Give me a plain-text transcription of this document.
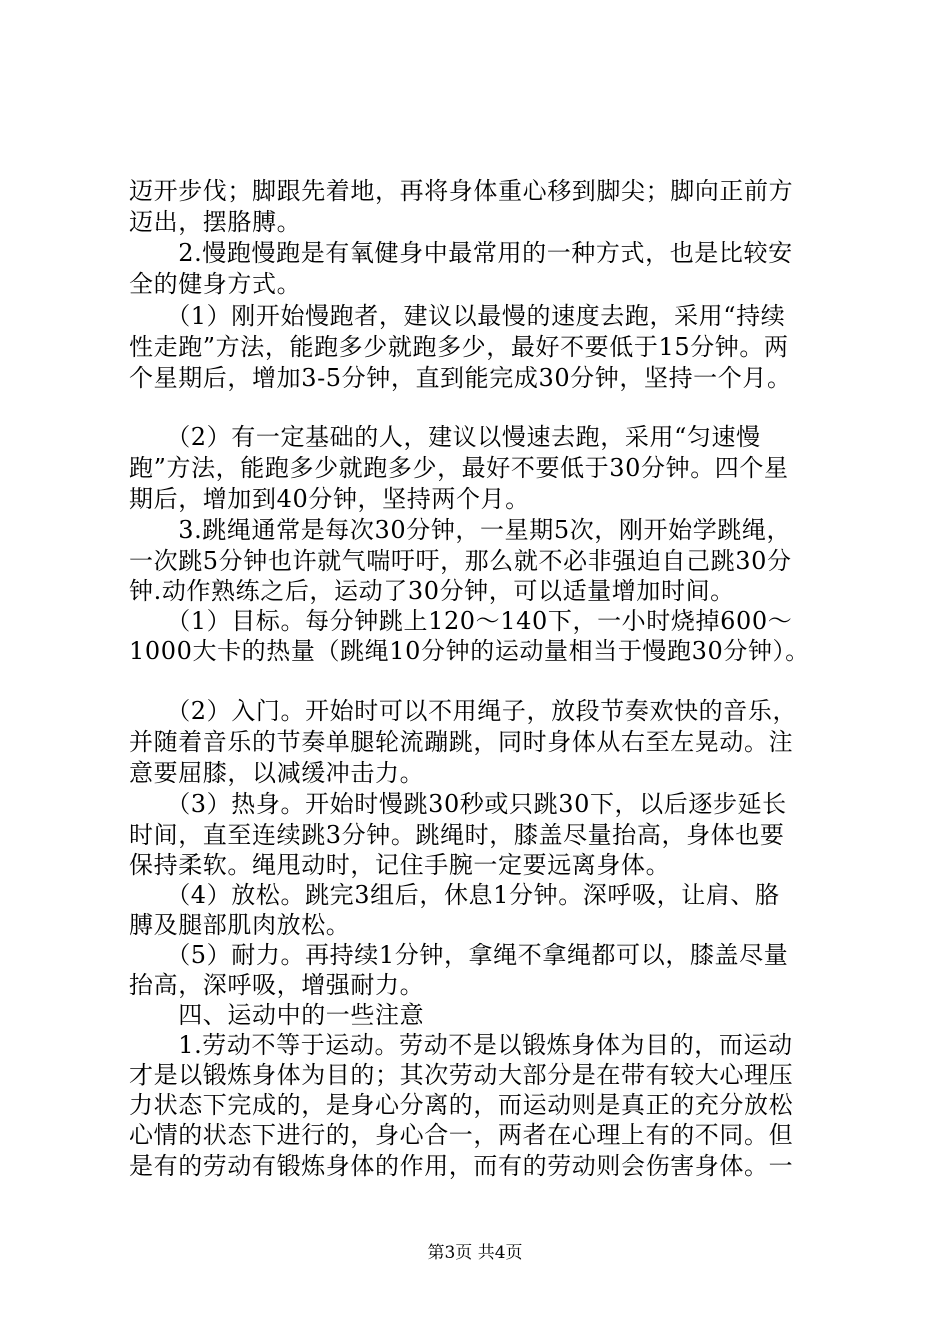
迈开步伐；脚跟先着地，再将身体重心移到脚尖；脚向正前方
迈出，摆胳膊。
　　2.慢跑慢跑是有氧健身中最常用的一种方式，也是比较安
全的健身方式。
　　（1）刚开始慢跑者，建议以最慢的速度去跑，采用“持续
性走跑”方法，能跑多少就跑多少，最好不要低于15分钟。两
个星期后，增加3-5分钟，直到能完成30分钟，坚持一个月。
　　（2）有一定基础的人，建议以慢速去跑，采用“匀速慢
跑”方法，能跑多少就跑多少，最好不要低于30分钟。四个星
期后，增加到40分钟，坚持两个月。
　　3.跳绳通常是每次30分钟，一星期5次，刚开始学跳绳，
一次跳5分钟也许就气喘吁吁，那么就不必非强迫自己跳30分
钟.动作熟练之后，运动了30分钟，可以适量增加时间。
　　（1）目标。每分钟跳上120～140下，一小时烧掉600～
1000大卡的热量（跳绳10分钟的运动量相当于慢跑30分钟）。
　　（2）入门。开始时可以不用绳子，放段节奏欢快的音乐，
并随着音乐的节奏单腿轮流蹦跳，同时身体从右至左晃动。注
意要屈膝，以减缓冲击力。
　　（3）热身。开始时慢跳30秒或只跳30下，以后逐步延长
时间，直至连续跳3分钟。跳绳时，膝盖尽量抬高，身体也要
保持柔软。绳甩动时，记住手腕一定要远离身体。
　　（4）放松。跳完3组后，休息1分钟。深呼吸，让肩、胳
膊及腿部肌肉放松。
　　（5）耐力。再持续1分钟，拿绳不拿绳都可以，膝盖尽量
抬高，深呼吸，增强耐力。
　　四、运动中的一些注意
　　1.劳动不等于运动。劳动不是以锻炼身体为目的，而运动
才是以锻炼身体为目的；其次劳动大部分是在带有较大心理压
力状态下完成的，是身心分离的，而运动则是真正的充分放松
心情的状态下进行的，身心合一，两者在心理上有的不同。但
是有的劳动有锻炼身体的作用，而有的劳动则会伤害身体。一
第3页 共4页
